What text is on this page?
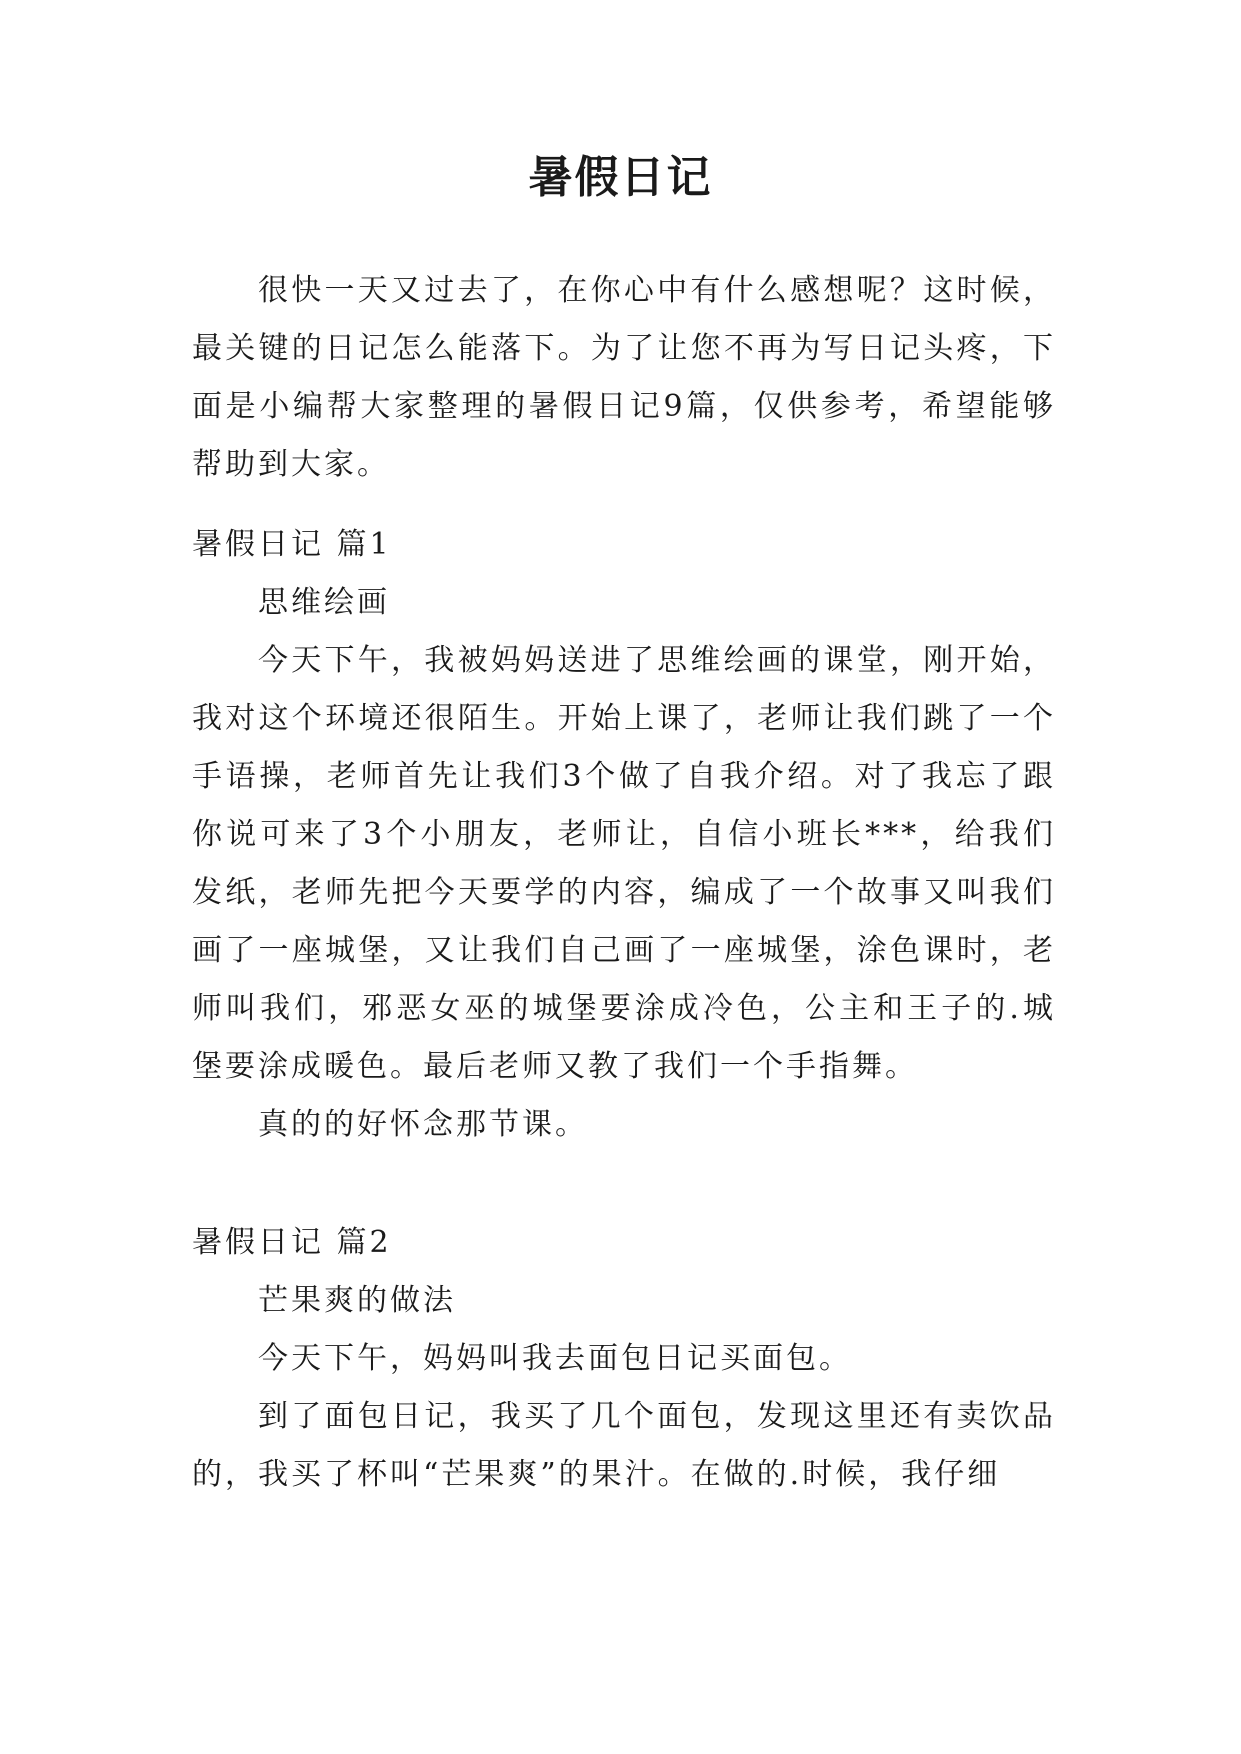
暑假日记

很快一天又过去了，在你心中有什么感想呢？这时候，最关键的日记怎么能落下。为了让您不再为写日记头疼，下面是小编帮大家整理的暑假日记9篇，仅供参考，希望能够帮助到大家。

暑假日记 篇1

思维绘画

今天下午，我被妈妈送进了思维绘画的课堂，刚开始，我对这个环境还很陌生。开始上课了，老师让我们跳了一个手语操，老师首先让我们3个做了自我介绍。对了我忘了跟你说可来了3个小朋友，老师让，自信小班长***，给我们发纸，老师先把今天要学的内容，编成了一个故事又叫我们画了一座城堡，又让我们自己画了一座城堡，涂色课时，老师叫我们，邪恶女巫的城堡要涂成冷色，公主和王子的.城堡要涂成暖色。最后老师又教了我们一个手指舞。

真的的好怀念那节课。

暑假日记 篇2

芒果爽的做法

今天下午，妈妈叫我去面包日记买面包。

到了面包日记，我买了几个面包，发现这里还有卖饮品的，我买了杯叫“芒果爽”的果汁。在做的.时候，我仔细
